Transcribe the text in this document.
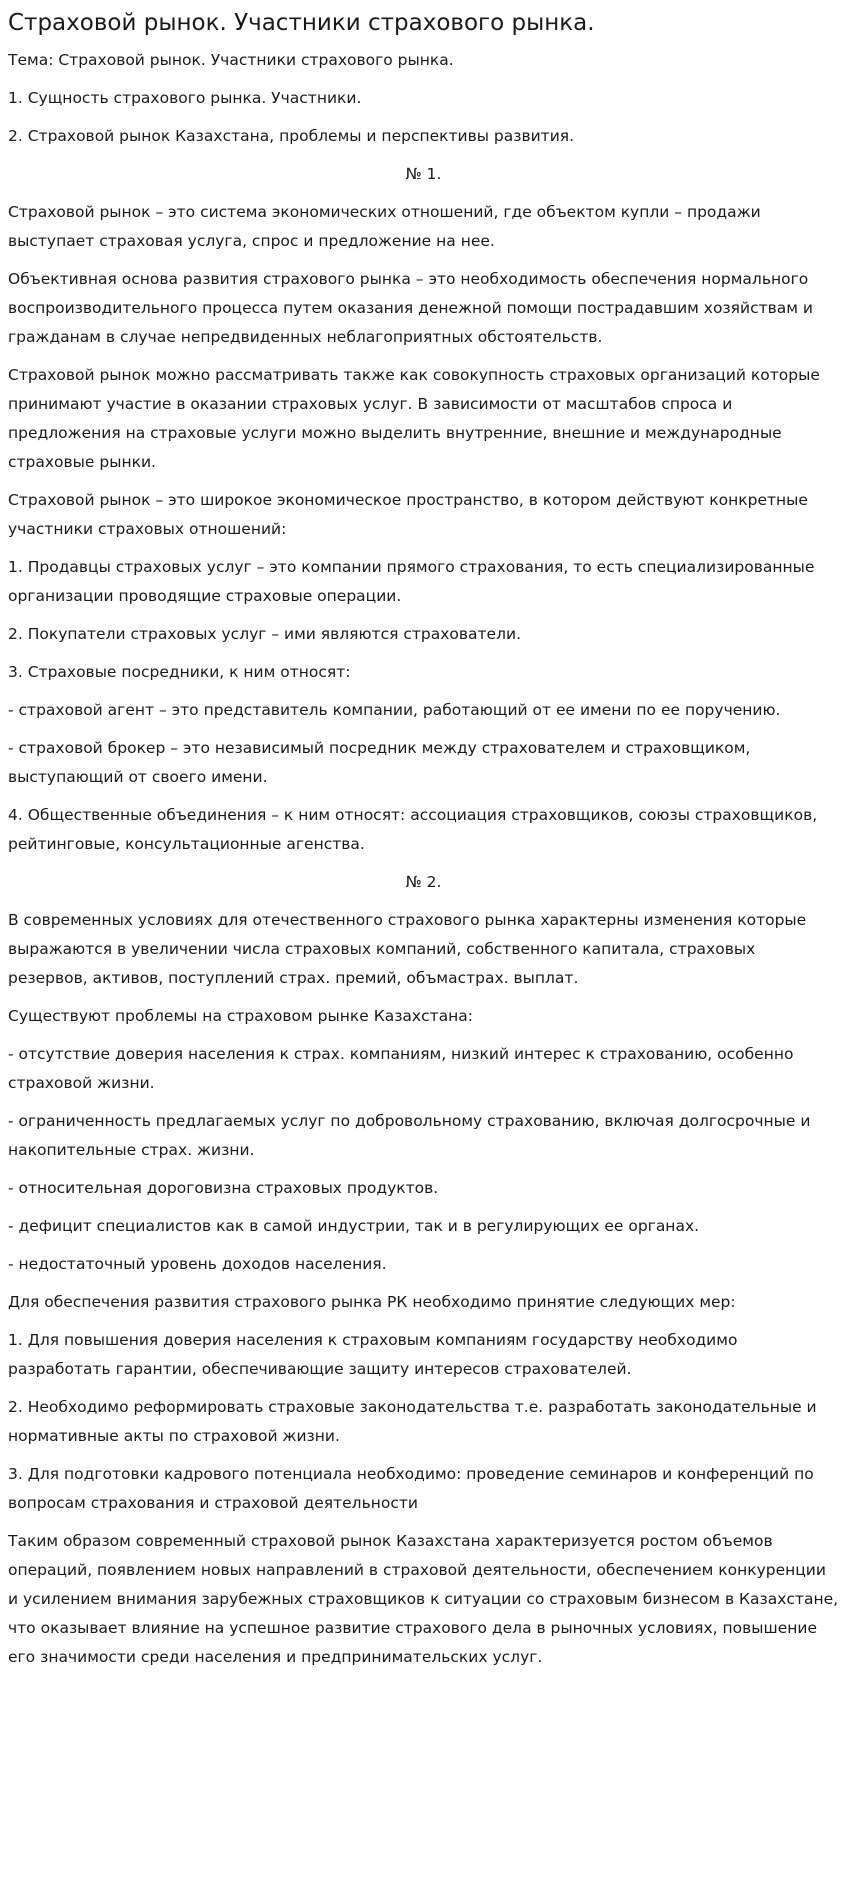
Страховой рынок. Участники страхового рынка.

Тема: Страховой рынок. Участники страхового рынка.

1. Сущность страхового рынка. Участники.

2. Страховой рынок Казахстана, проблемы и перспективы развития.

№ 1.

Страховой рынок – это система экономических отношений, где объектом купли – продажи выступает страховая услуга, спрос и предложение на нее.

Объективная основа развития страхового рынка – это необходимость обеспечения нормального воспроизводительного процесса путем оказания денежной помощи пострадавшим хозяйствам и гражданам в случае непредвиденных неблагоприятных обстоятельств.

Страховой рынок можно рассматривать также как совокупность страховых организаций которые принимают участие в оказании страховых услуг. В зависимости от масштабов спроса и предложения на страховые услуги можно выделить внутренние, внешние и международные страховые рынки.

Страховой рынок – это широкое экономическое пространство, в котором действуют конкретные участники страховых отношений:

1. Продавцы страховых услуг – это компании прямого страхования, то есть специализированные организации проводящие страховые операции.

2. Покупатели страховых услуг – ими являются страхователи.

3. Страховые посредники, к ним относят:

- страховой агент – это представитель компании, работающий от ее имени по ее поручению.

- страховой брокер – это независимый посредник между страхователем и страховщиком, выступающий от своего имени.

4. Общественные объединения – к ним относят: ассоциация страховщиков, союзы страховщиков, рейтинговые, консультационные агенства.

№ 2.

В современных условиях для отечественного страхового рынка характерны изменения которые выражаются в увеличении числа страховых компаний, собственного капитала, страховых резервов, активов, поступлений страх. премий, объмастрах. выплат.

Существуют проблемы на страховом рынке Казахстана:

- отсутствие доверия населения к страх. компаниям, низкий интерес к страхованию, особенно страховой жизни.

- ограниченность предлагаемых услуг по добровольному страхованию, включая долгосрочные и накопительные страх. жизни.

- относительная дороговизна страховых продуктов.

- дефицит специалистов как в самой индустрии, так и в регулирующих ее органах.

- недостаточный уровень доходов населения.

Для обеспечения развития страхового рынка РК необходимо принятие следующих мер:

1. Для повышения доверия населения к страховым компаниям государству необходимо разработать гарантии, обеспечивающие защиту интересов страхователей.

2. Необходимо реформировать страховые законодательства т.е. разработать законодательные и нормативные акты по страховой жизни.

3. Для подготовки кадрового потенциала необходимо: проведение семинаров и конференций по вопросам страхования и страховой деятельности

Таким образом современный страховой рынок Казахстана характеризуется ростом объемов операций, появлением новых направлений в страховой деятельности, обеспечением конкуренции и усилением внимания зарубежных страховщиков к ситуации со страховым бизнесом в Казахстане, что оказывает влияние на успешное развитие страхового дела в рыночных условиях, повышение его значимости среди населения и предпринимательских услуг.
